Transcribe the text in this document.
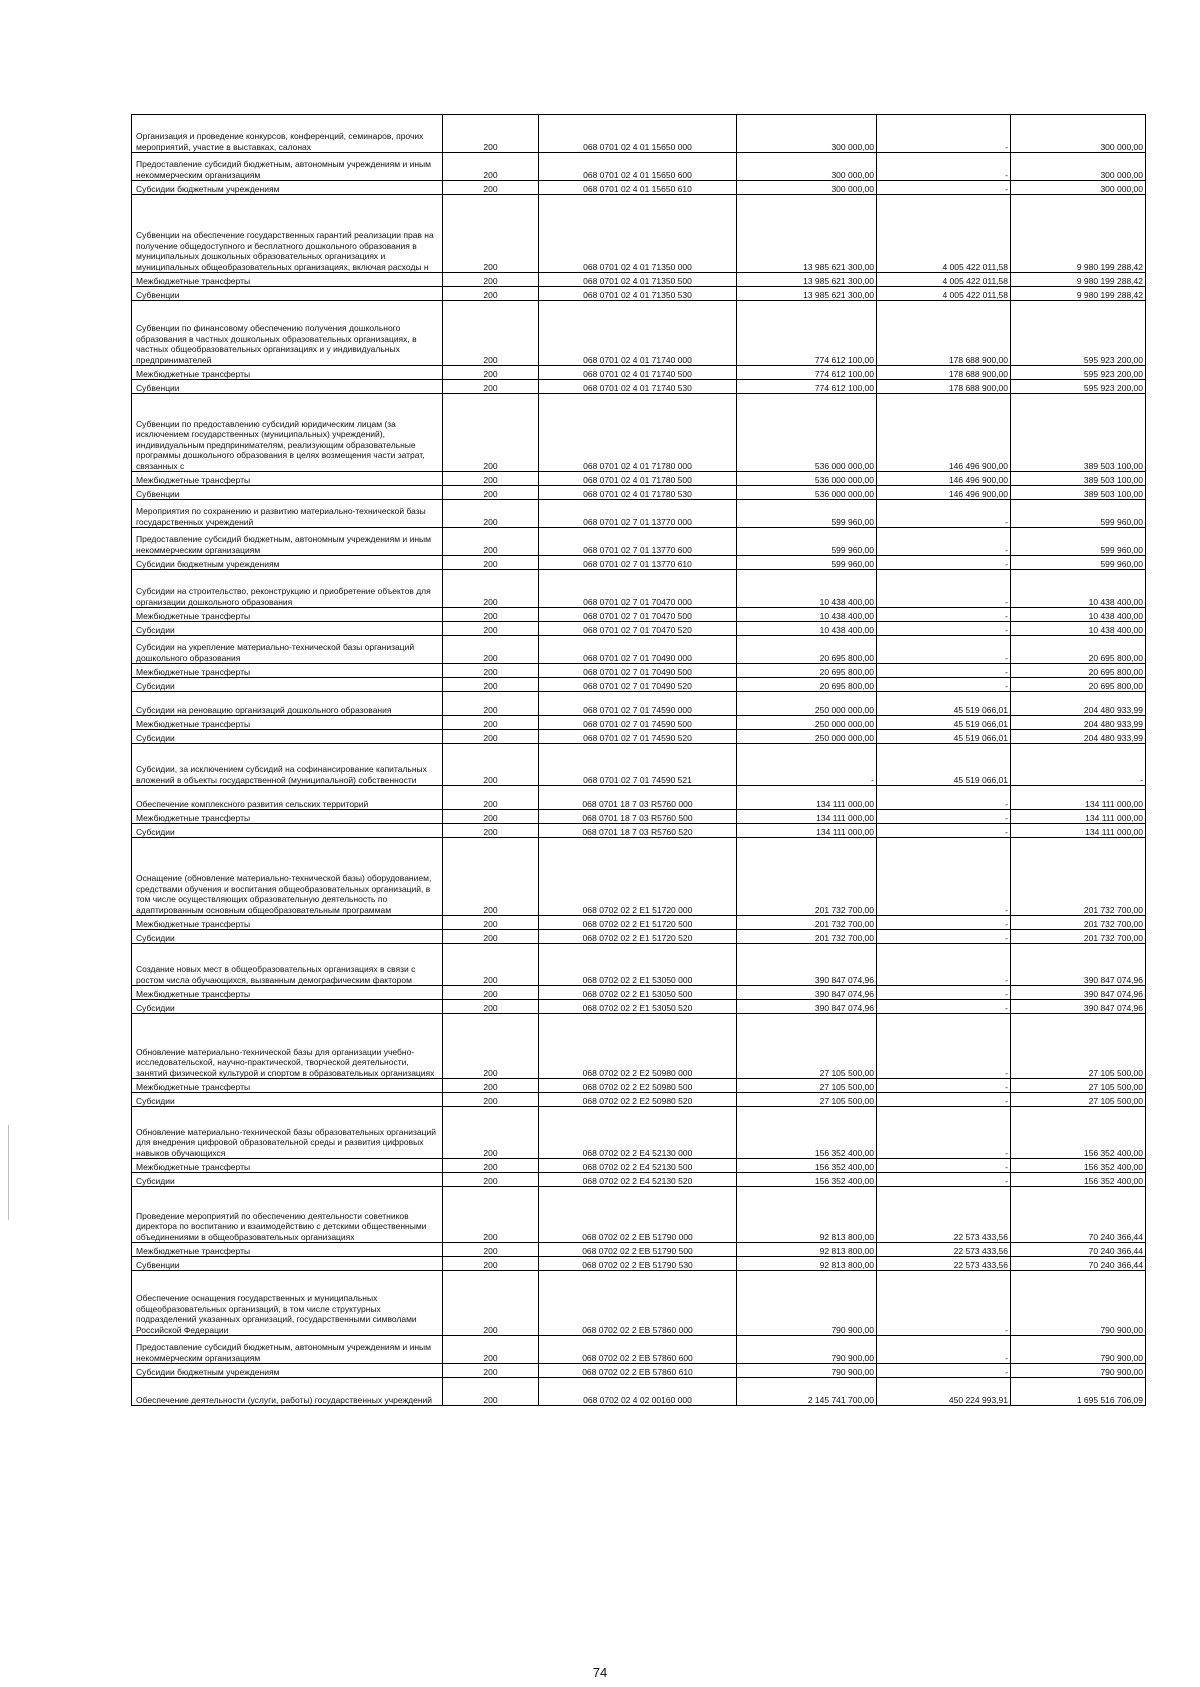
Организация и проведение конкурсов, конференций, семинаров, прочих мероприятий, участие в выставках, салонах	200	068 0701 02 4 01 15650 000	300 000,00	-	300 000,00
Предоставление субсидий бюджетным, автономным учреждениям и иным некоммерческим организациям	200	068 0701 02 4 01 15650 600	300 000,00	-	300 000,00
Субсидии бюджетным учреждениям	200	068 0701 02 4 01 15650 610	300 000,00	-	300 000,00
Субвенции на обеспечение государственных гарантий реализации прав на получение общедоступного и бесплатного дошкольного образования в муниципальных дошкольных образовательных организациях и муниципальных общеобразовательных организациях, включая расходы н	200	068 0701 02 4 01 71350 000	13 985 621 300,00	4 005 422 011,58	9 980 199 288,42
Межбюджетные трансферты	200	068 0701 02 4 01 71350 500	13 985 621 300,00	4 005 422 011,58	9 980 199 288,42
Субвенции	200	068 0701 02 4 01 71350 530	13 985 621 300,00	4 005 422 011,58	9 980 199 288,42
Субвенции по финансовому обеспечению получения дошкольного образования в частных дошкольных образовательных организациях, в частных общеобразовательных организациях и у индивидуальных предпринимателей	200	068 0701 02 4 01 71740 000	774 612 100,00	178 688 900,00	595 923 200,00
Межбюджетные трансферты	200	068 0701 02 4 01 71740 500	774 612 100,00	178 688 900,00	595 923 200,00
Субвенции	200	068 0701 02 4 01 71740 530	774 612 100,00	178 688 900,00	595 923 200,00
Субвенции по предоставлению субсидий юридическим лицам (за исключением государственных (муниципальных) учреждений), индивидуальным предпринимателям, реализующим образовательные программы дошкольного образования в целях возмещения части затрат, связанных с	200	068 0701 02 4 01 71780 000	536 000 000,00	146 496 900,00	389 503 100,00
Межбюджетные трансферты	200	068 0701 02 4 01 71780 500	536 000 000,00	146 496 900,00	389 503 100,00
Субвенции	200	068 0701 02 4 01 71780 530	536 000 000,00	146 496 900,00	389 503 100,00
Мероприятия по сохранению и развитию материально-технической базы государственных учреждений	200	068 0701 02 7 01 13770 000	599 960,00	-	599 960,00
Предоставление субсидий бюджетным, автономным учреждениям и иным некоммерческим организациям	200	068 0701 02 7 01 13770 600	599 960,00	-	599 960,00
Субсидии бюджетным учреждениям	200	068 0701 02 7 01 13770 610	599 960,00	-	599 960,00
Субсидии на строительство, реконструкцию и приобретение объектов для организации дошкольного образования	200	068 0701 02 7 01 70470 000	10 438 400,00	-	10 438 400,00
Межбюджетные трансферты	200	068 0701 02 7 01 70470 500	10 438 400,00	-	10 438 400,00
Субсидии	200	068 0701 02 7 01 70470 520	10 438 400,00	-	10 438 400,00
Субсидии на укрепление материально-технической базы организаций дошкольного образования	200	068 0701 02 7 01 70490 000	20 695 800,00	-	20 695 800,00
Межбюджетные трансферты	200	068 0701 02 7 01 70490 500	20 695 800,00	-	20 695 800,00
Субсидии	200	068 0701 02 7 01 70490 520	20 695 800,00	-	20 695 800,00
Субсидии на реновацию организаций дошкольного образования	200	068 0701 02 7 01 74590 000	250 000 000,00	45 519 066,01	204 480 933,99
Межбюджетные трансферты	200	068 0701 02 7 01 74590 500	250 000 000,00	45 519 066,01	204 480 933,99
Субсидии	200	068 0701 02 7 01 74590 520	250 000 000,00	45 519 066,01	204 480 933,99
Субсидии, за исключением субсидий на софинансирование капитальных вложений в объекты государственной (муниципальной) собственности	200	068 0701 02 7 01 74590 521	-	45 519 066,01	-
Обеспечение комплексного развития сельских территорий	200	068 0701 18 7 03 R5760 000	134 111 000,00	-	134 111 000,00
Межбюджетные трансферты	200	068 0701 18 7 03 R5760 500	134 111 000,00	-	134 111 000,00
Субсидии	200	068 0701 18 7 03 R5760 520	134 111 000,00	-	134 111 000,00
Оснащение (обновление материально-технической базы) оборудованием, средствами обучения и воспитания общеобразовательных организаций, в том числе осуществляющих образовательную деятельность по адаптированным основным общеобразовательным программам	200	068 0702 02 2 E1 51720 000	201 732 700,00	-	201 732 700,00
Межбюджетные трансферты	200	068 0702 02 2 E1 51720 500	201 732 700,00	-	201 732 700,00
Субсидии	200	068 0702 02 2 E1 51720 520	201 732 700,00	-	201 732 700,00
Создание новых мест в общеобразовательных организациях в связи с ростом числа обучающихся, вызванным демографическим фактором	200	068 0702 02 2 E1 53050 000	390 847 074,96	-	390 847 074,96
Межбюджетные трансферты	200	068 0702 02 2 E1 53050 500	390 847 074,96	-	390 847 074,96
Субсидии	200	068 0702 02 2 E1 53050 520	390 847 074,96	-	390 847 074,96
Обновление материально-технической базы для организации учебно-исследовательской, научно-практической, творческой деятельности, занятий физической культурой и спортом в образовательных организациях	200	068 0702 02 2 E2 50980 000	27 105 500,00	-	27 105 500,00
Межбюджетные трансферты	200	068 0702 02 2 E2 50980 500	27 105 500,00	-	27 105 500,00
Субсидии	200	068 0702 02 2 E2 50980 520	27 105 500,00	-	27 105 500,00
Обновление материально-технической базы образовательных организаций для внедрения цифровой образовательной среды и развития цифровых навыков обучающихся	200	068 0702 02 2 E4 52130 000	156 352 400,00	-	156 352 400,00
Межбюджетные трансферты	200	068 0702 02 2 E4 52130 500	156 352 400,00	-	156 352 400,00
Субсидии	200	068 0702 02 2 E4 52130 520	156 352 400,00	-	156 352 400,00
Проведение мероприятий по обеспечению деятельности советников директора по воспитанию и взаимодействию с детскими общественными объединениями в общеобразовательных организациях	200	068 0702 02 2 EB 51790 000	92 813 800,00	22 573 433,56	70 240 366,44
Межбюджетные трансферты	200	068 0702 02 2 EB 51790 500	92 813 800,00	22 573 433,56	70 240 366,44
Субвенции	200	068 0702 02 2 EB 51790 530	92 813 800,00	22 573 433,56	70 240 366,44
Обеспечение оснащения государственных и муниципальных общеобразовательных организаций, в том числе структурных подразделений указанных организаций, государственными символами Российской Федерации	200	068 0702 02 2 EB 57860 000	790 900,00	-	790 900,00
Предоставление субсидий бюджетным, автономным учреждениям и иным некоммерческим организациям	200	068 0702 02 2 EB 57860 600	790 900,00	-	790 900,00
Субсидии бюджетным учреждениям	200	068 0702 02 2 EB 57860 610	790 900,00	-	790 900,00
Обеспечение деятельности (услуги, работы) государственных учреждений	200	068 0702 02 4 02 00160 000	2 145 741 700,00	450 224 993,91	1 695 516 706,09
74
